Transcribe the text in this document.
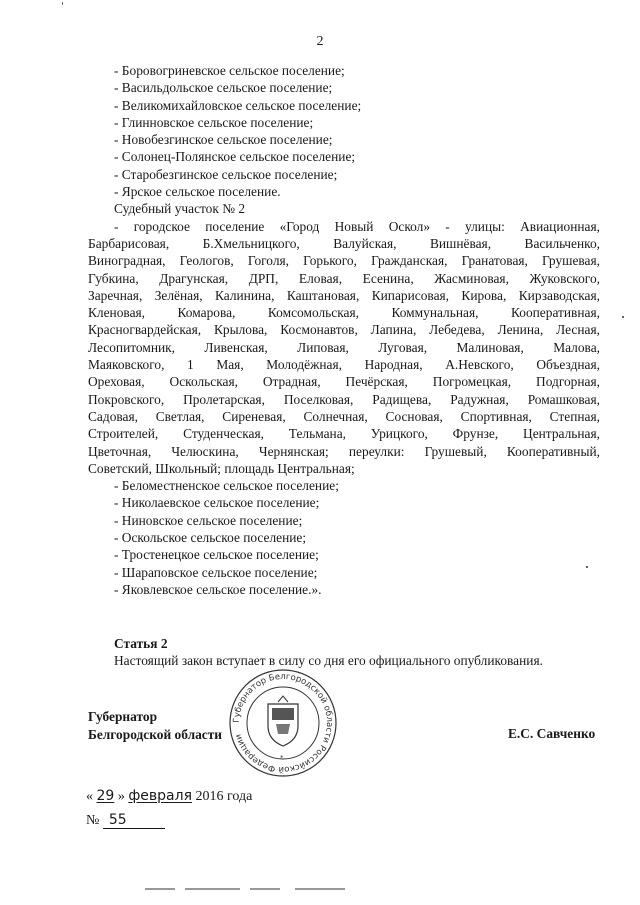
2
- Боровогриневское сельское поселение;
- Васильдольское сельское поселение;
- Великомихайловское сельское поселение;
- Глинновское сельское поселение;
- Новобезгинское сельское поселение;
- Солонец-Полянское сельское поселение;
- Старобезгинское сельское поселение;
- Ярское сельское поселение.
Судебный участок № 2
- городское поселение «Город Новый Оскол» - улицы: Авиационная,
Барбарисовая, Б.Хмельницкого, Валуйская, Вишнёвая, Васильченко,
Виноградная, Геологов, Гоголя, Горького, Гражданская, Гранатовая, Грушевая,
Губкина, Драгунская, ДРП, Еловая, Есенина, Жасминовая, Жуковского,
Заречная, Зелёная, Калинина, Каштановая, Кипарисовая, Кирова, Кирзаводская,
Кленовая, Комарова, Комсомольская, Коммунальная, Кооперативная,
Красногвардейская, Крылова, Космонавтов, Лапина, Лебедева, Ленина, Лесная,
Лесопитомник, Ливенская, Липовая, Луговая, Малиновая, Малова,
Маяковского, 1 Мая, Молодёжная, Народная, А.Невского, Объездная,
Ореховая, Оскольская, Отрадная, Печёрская, Погромецкая, Подгорная,
Покровского, Пролетарская, Поселковая, Радищева, Радужная, Ромашковая,
Садовая, Светлая, Сиреневая, Солнечная, Сосновая, Спортивная, Степная,
Строителей, Студенческая, Тельмана, Урицкого, Фрунзе, Центральная,
Цветочная, Челюскина, Чернянская; переулки: Грушевый, Кооперативный,
Советский, Школьный; площадь Центральная;
- Беломестненское сельское поселение;
- Николаевское сельское поселение;
- Ниновское сельское поселение;
- Оскольское сельское поселение;
- Тростенецкое сельское поселение;
- Шараповское сельское поселение;
- Яковлевское сельское поселение.».
Статья 2
Настоящий закон вступает в силу со дня его официального опубликования.
Губернатор Белгородской области Российской Федерации
*
Губернатор
Белгородской области	Е.С. Савченко
« 29 » февраля 2016 года
№ 55
